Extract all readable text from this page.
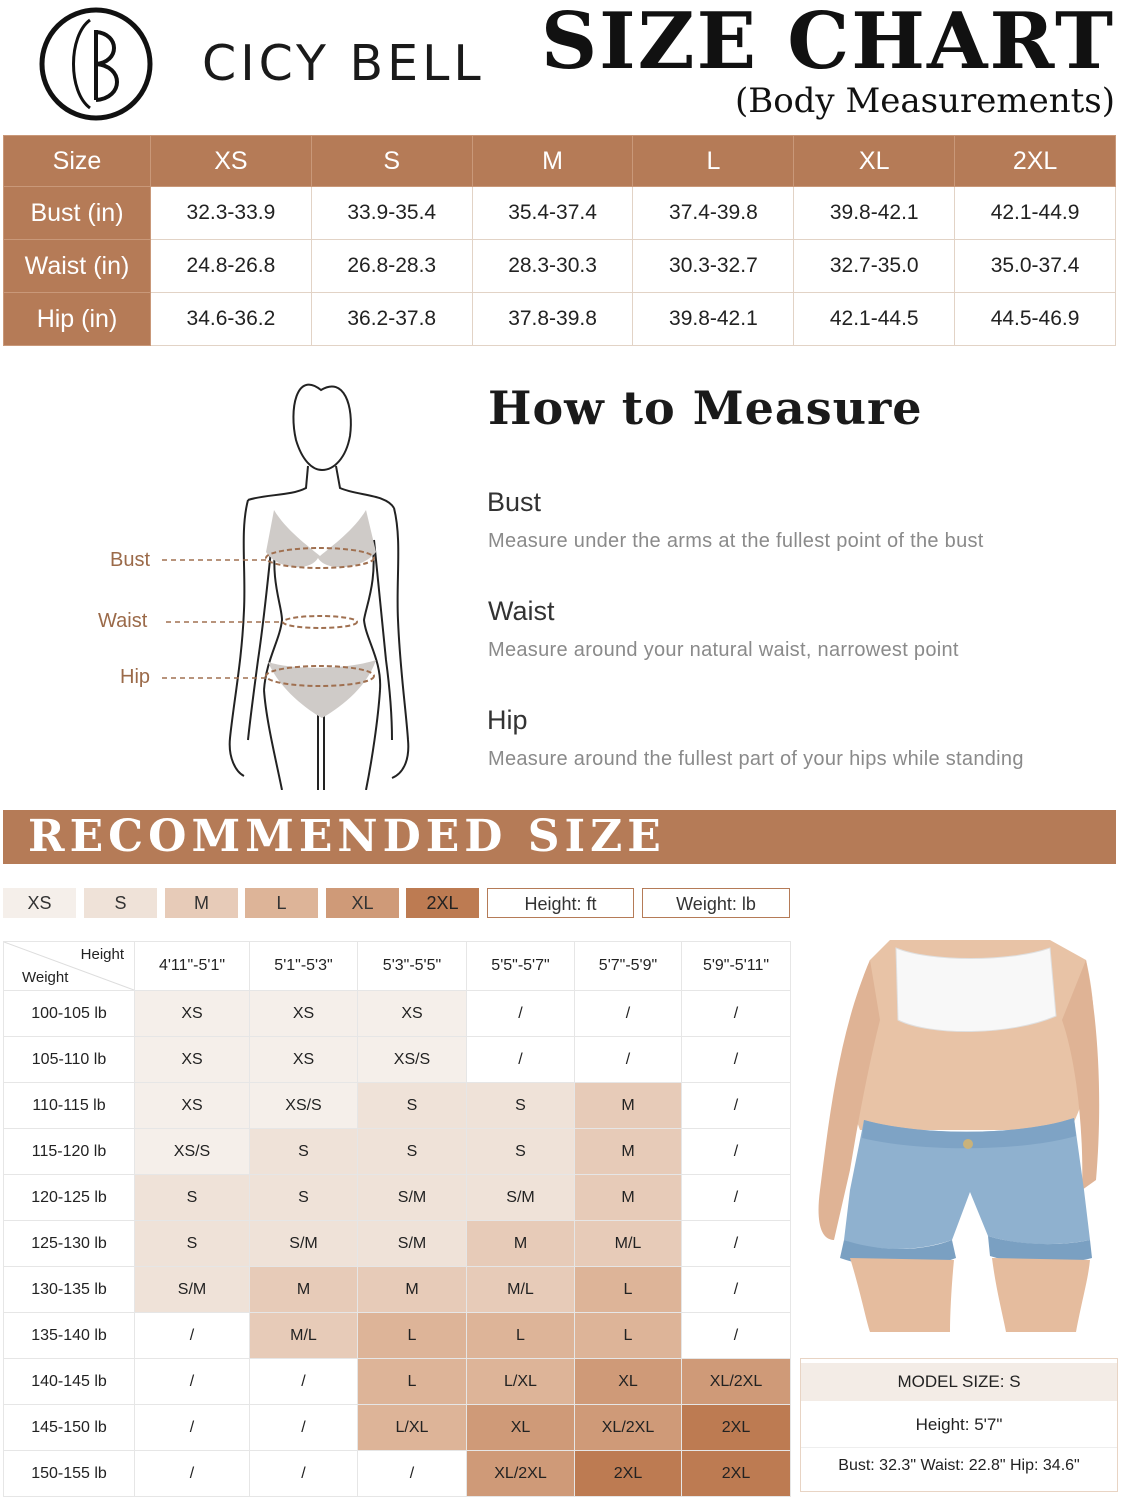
CICY BELL SIZE CHART
(Body Measurements)
Size	XS	S	M	L	XL	2XL
Bust (in)	32.3-33.9	33.9-35.4	35.4-37.4	37.4-39.8	39.8-42.1	42.1-44.9
Waist (in)	24.8-26.8	26.8-28.3	28.3-30.3	30.3-32.7	32.7-35.0	35.0-37.4
Hip (in)	34.6-36.2	36.2-37.8	37.8-39.8	39.8-42.1	42.1-44.5	44.5-46.9
Bust
Waist
Hip
How to Measure
Bust
Measure under the arms at the fullest point of the bust
Waist
Measure around your natural waist, narrowest point
Hip
Measure around the fullest part of your hips while standing
RECOMMENDED SIZE
XS	S	M	L	XL	2XL	Height: ft	Weight: lb
Height
Weight	4'11"-5'1"	5'1"-5'3"	5'3"-5'5"	5'5"-5'7"	5'7"-5'9"	5'9"-5'11"
100-105 lb	XS	XS	XS	/	/	/
105-110 lb	XS	XS	XS/S	/	/	/
110-115 lb	XS	XS/S	S	S	M	/
115-120 lb	XS/S	S	S	S	M	/
120-125 lb	S	S	S/M	S/M	M	/
125-130 lb	S	S/M	S/M	M	M/L	/
130-135 lb	S/M	M	M	M/L	L	/
135-140 lb	/	M/L	L	L	L	/
140-145 lb	/	/	L	L/XL	XL	XL/2XL
145-150 lb	/	/	L/XL	XL	XL/2XL	2XL
150-155 lb	/	/	/	XL/2XL	2XL	2XL
MODEL SIZE: S
Height: 5'7"
Bust: 32.3" Waist: 22.8" Hip: 34.6"
